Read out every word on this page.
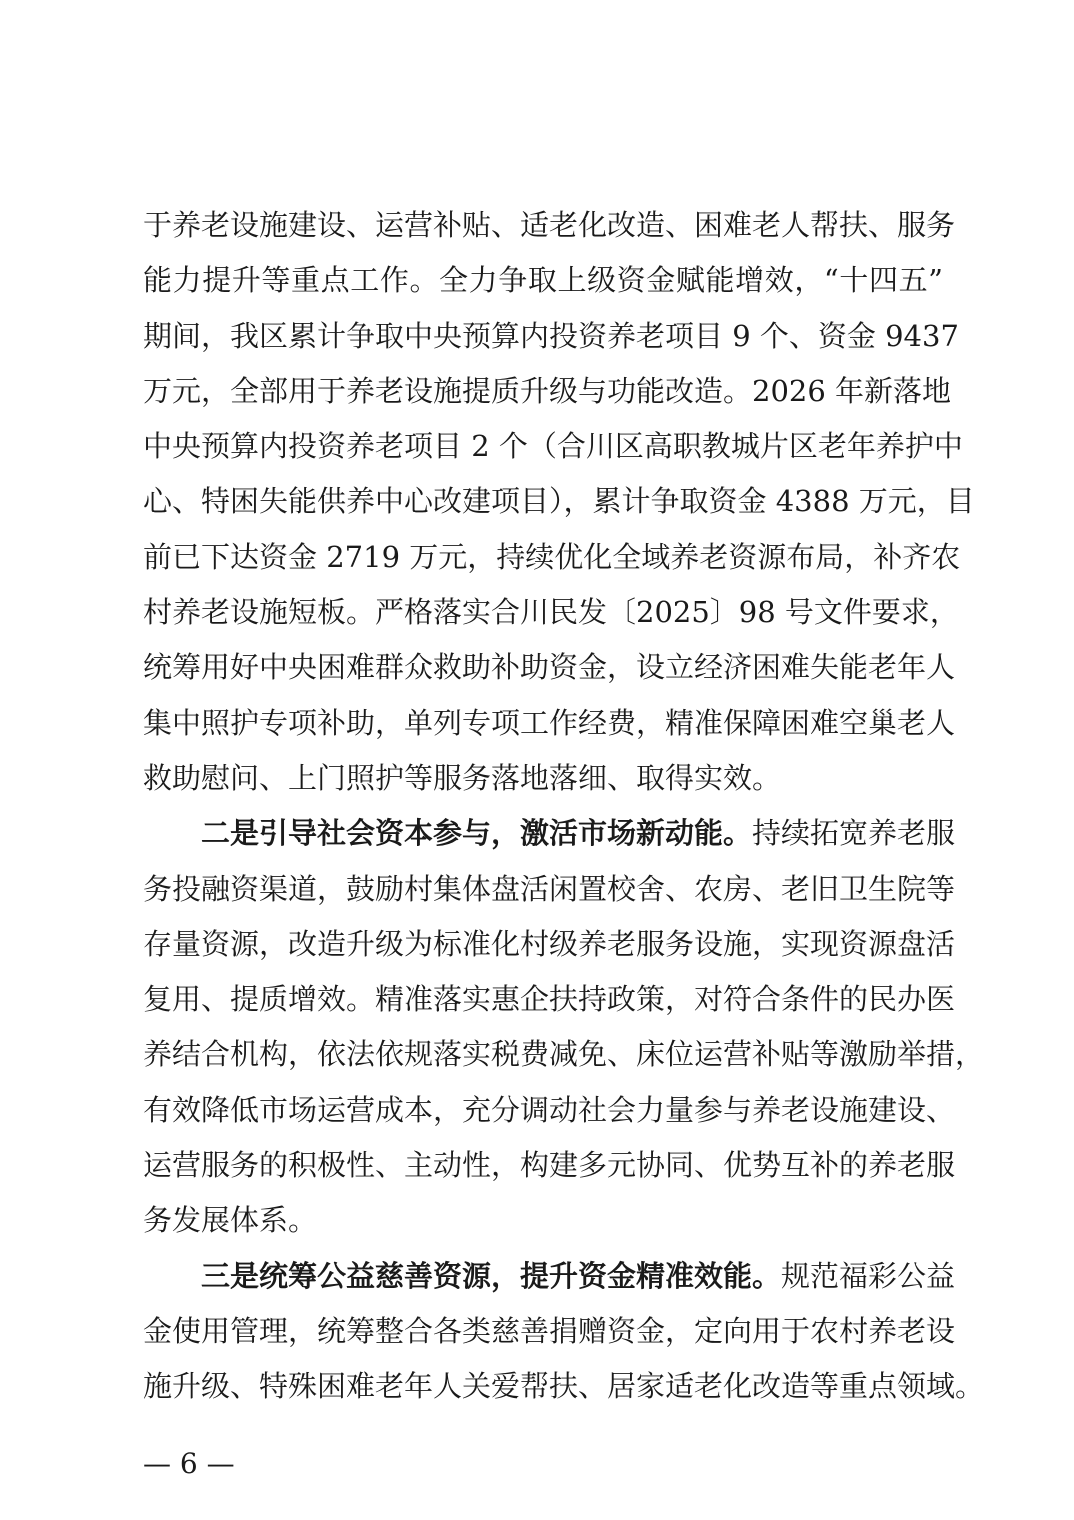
于养老设施建设、运营补贴、适老化改造、困难老人帮扶、服务
能力提升等重点工作。全力争取上级资金赋能增效，“十四五”
期间，我区累计争取中央预算内投资养老项目 9 个、资金 9437
万元，全部用于养老设施提质升级与功能改造。2026 年新落地
中央预算内投资养老项目 2 个（合川区高职教城片区老年养护中
心、特困失能供养中心改建项目），累计争取资金 4388 万元，目
前已下达资金 2719 万元，持续优化全域养老资源布局，补齐农
村养老设施短板。严格落实合川民发〔2025〕98 号文件要求，
统筹用好中央困难群众救助补助资金，设立经济困难失能老年人
集中照护专项补助，单列专项工作经费，精准保障困难空巢老人
救助慰问、上门照护等服务落地落细、取得实效。
二是引导社会资本参与，激活市场新动能。持续拓宽养老服
务投融资渠道，鼓励村集体盘活闲置校舍、农房、老旧卫生院等
存量资源，改造升级为标准化村级养老服务设施，实现资源盘活
复用、提质增效。精准落实惠企扶持政策，对符合条件的民办医
养结合机构，依法依规落实税费减免、床位运营补贴等激励举措，
有效降低市场运营成本，充分调动社会力量参与养老设施建设、
运营服务的积极性、主动性，构建多元协同、优势互补的养老服
务发展体系。
三是统筹公益慈善资源，提升资金精准效能。规范福彩公益
金使用管理，统筹整合各类慈善捐赠资金，定向用于农村养老设
施升级、特殊困难老年人关爱帮扶、居家适老化改造等重点领域。
— 6 —
